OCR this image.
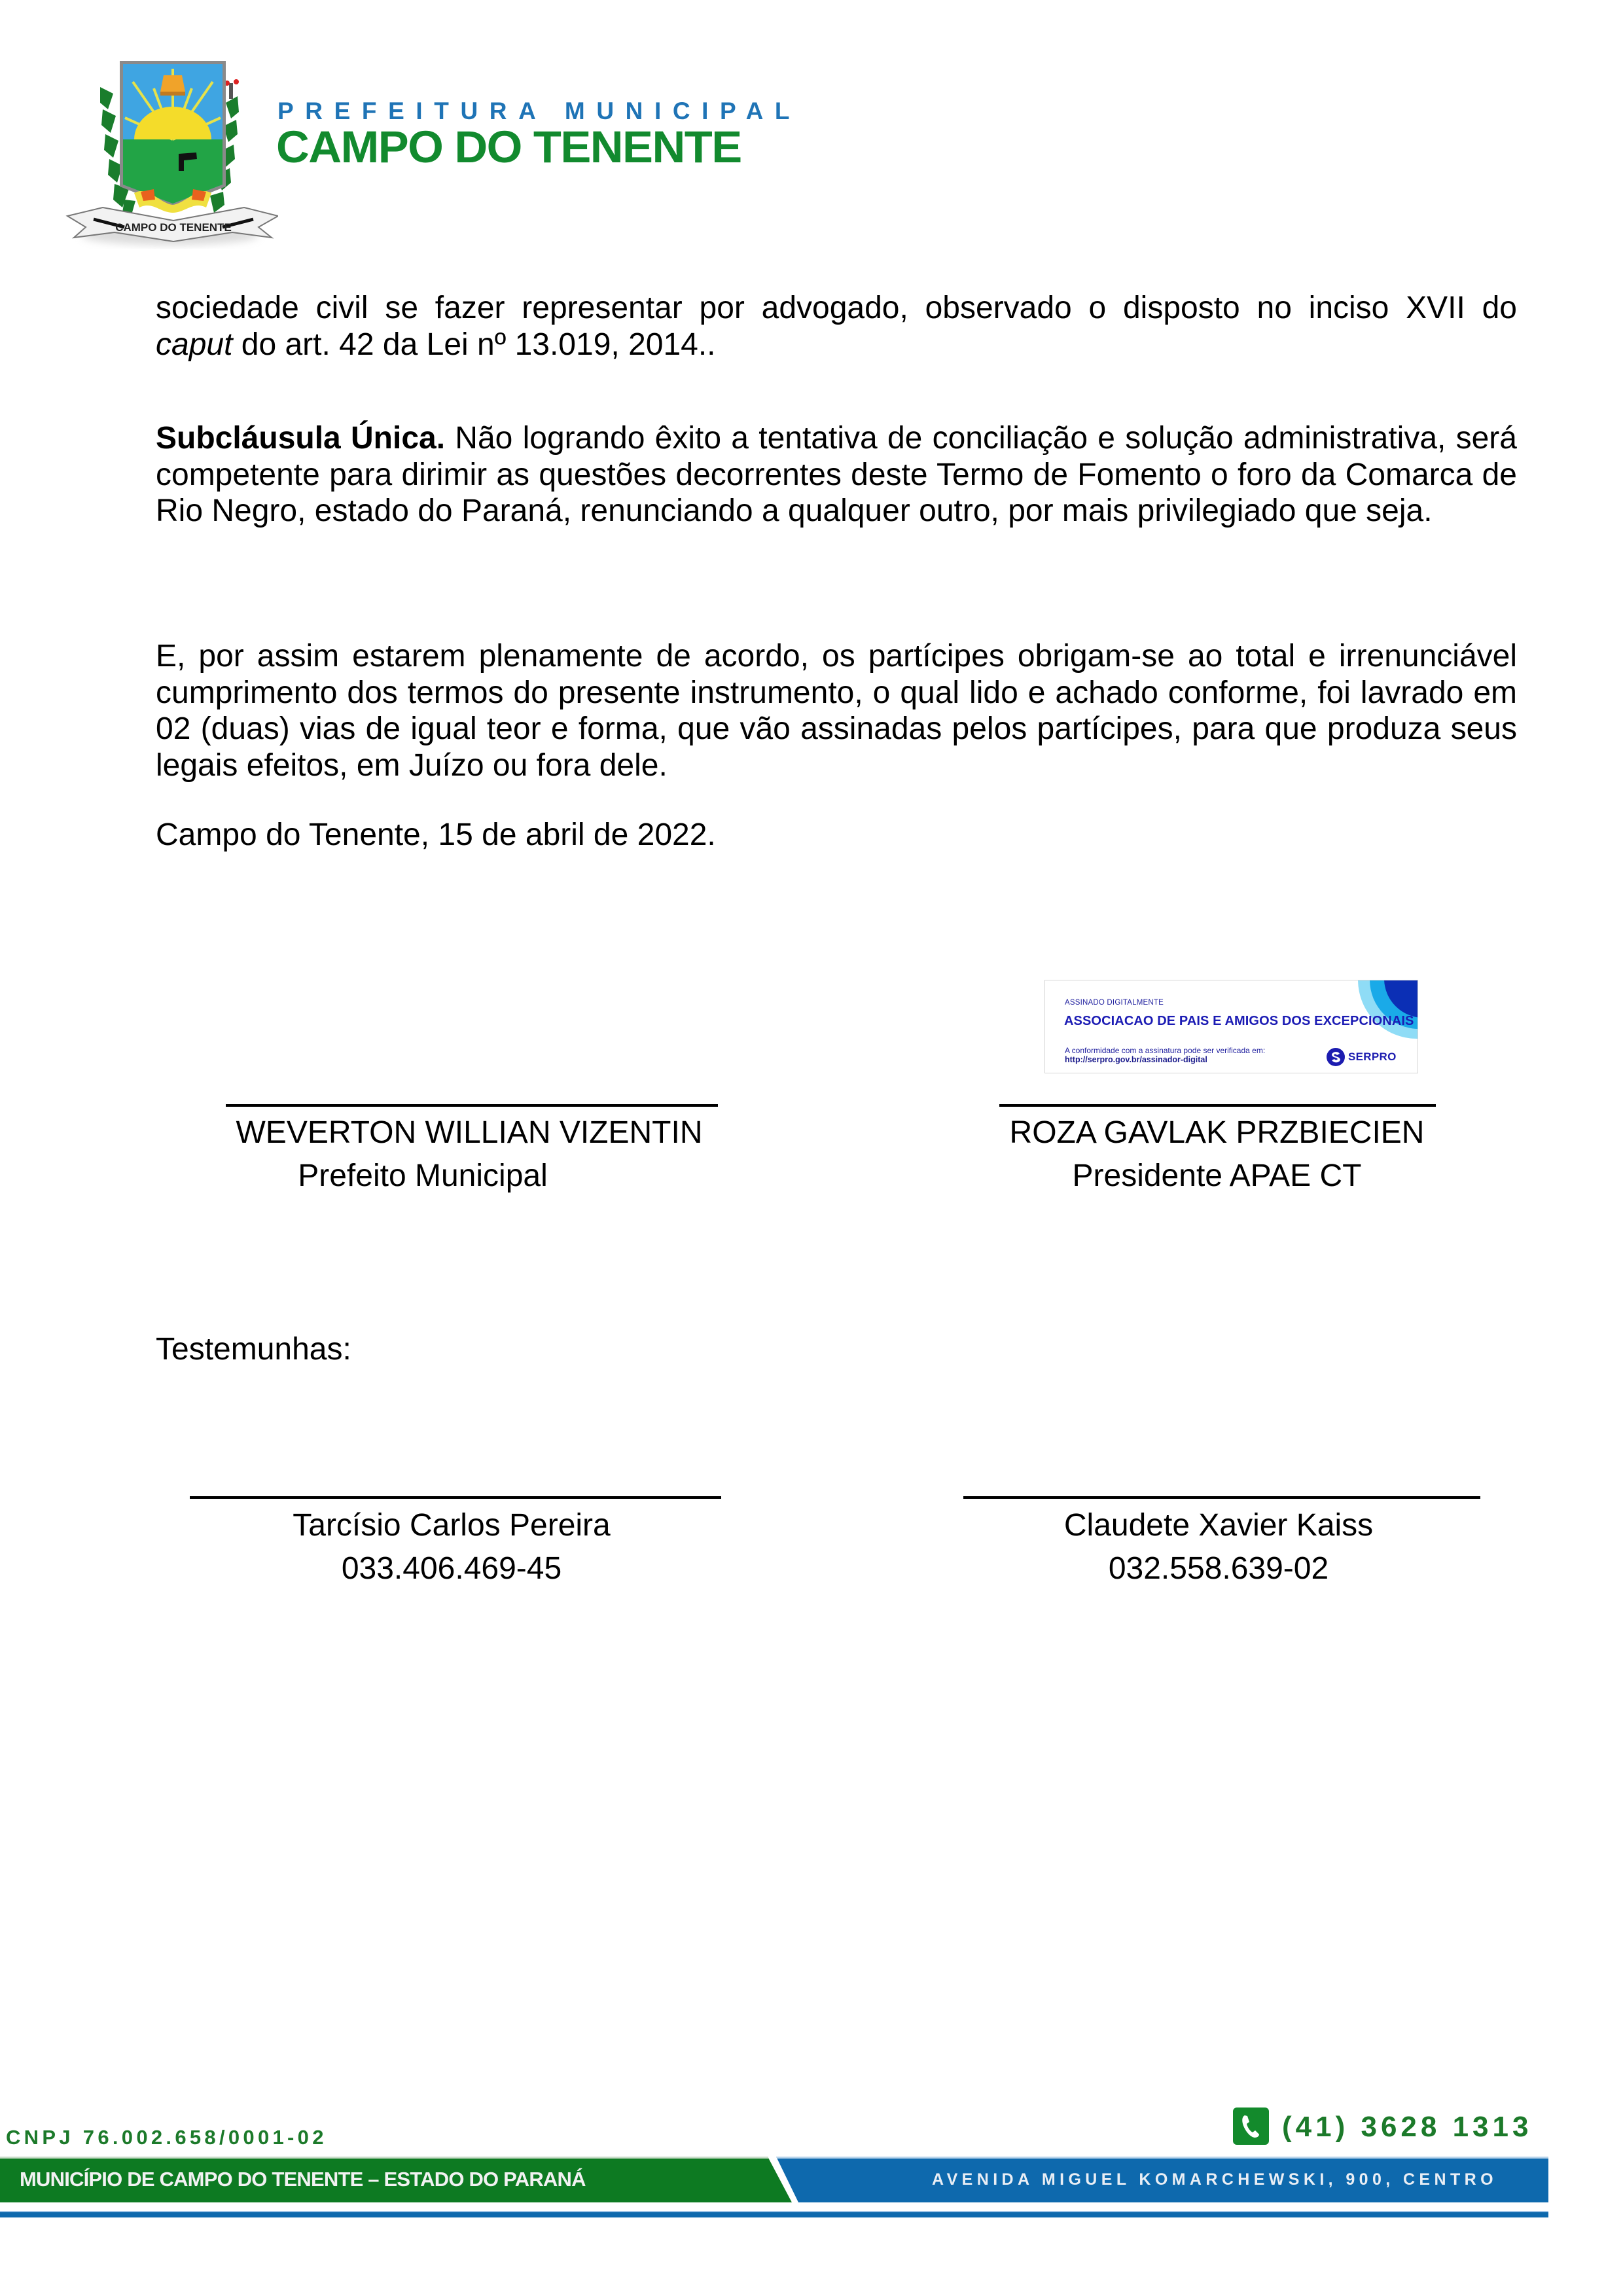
CAMPO DO TENENTE
PREFEITURA MUNICIPAL
CAMPO DO TENENTE

sociedade civil se fazer representar por advogado, observado o disposto no inciso XVII do

caput do art. 42 da Lei nº 13.019, 2014..

Subcláusula Única. Não logrando êxito a tentativa de conciliação e solução administrativa, será competente para dirimir as questões decorrentes deste Termo de Fomento o foro da Comarca de Rio Negro, estado do Paraná, renunciando a qualquer outro, por mais privilegiado que seja.

E, por assim estarem plenamente de acordo, os partícipes obrigam-se ao total e irrenunciável cumprimento dos termos do presente instrumento, o qual lido e achado conforme, foi lavrado em 02 (duas) vias de igual teor e forma, que vão assinadas pelos partícipes, para que produza seus legais efeitos, em Juízo ou fora dele.

Campo do Tenente, 15 de abril de 2022.
ASSINADO DIGITALMENTE
ASSOCIACAO DE PAIS E AMIGOS DOS EXCEPCIONAIS
A conformidade com a assinatura pode ser verificada em:
http://serpro.gov.br/assinador-digital	SERPRO
WEVERTON WILLIAN VIZENTIN
Prefeito Municipal
ROZA GAVLAK PRZBIECIEN
Presidente APAE CT
Testemunhas:
Tarcísio Carlos Pereira
033.406.469-45
Claudete Xavier Kaiss
032.558.639-02
CNPJ 76.002.658/0001-02	(41) 3628 1313
MUNICÍPIO DE CAMPO DO TENENTE – ESTADO DO PARANÁ	AVENIDA MIGUEL KOMARCHEWSKI, 900, CENTRO
